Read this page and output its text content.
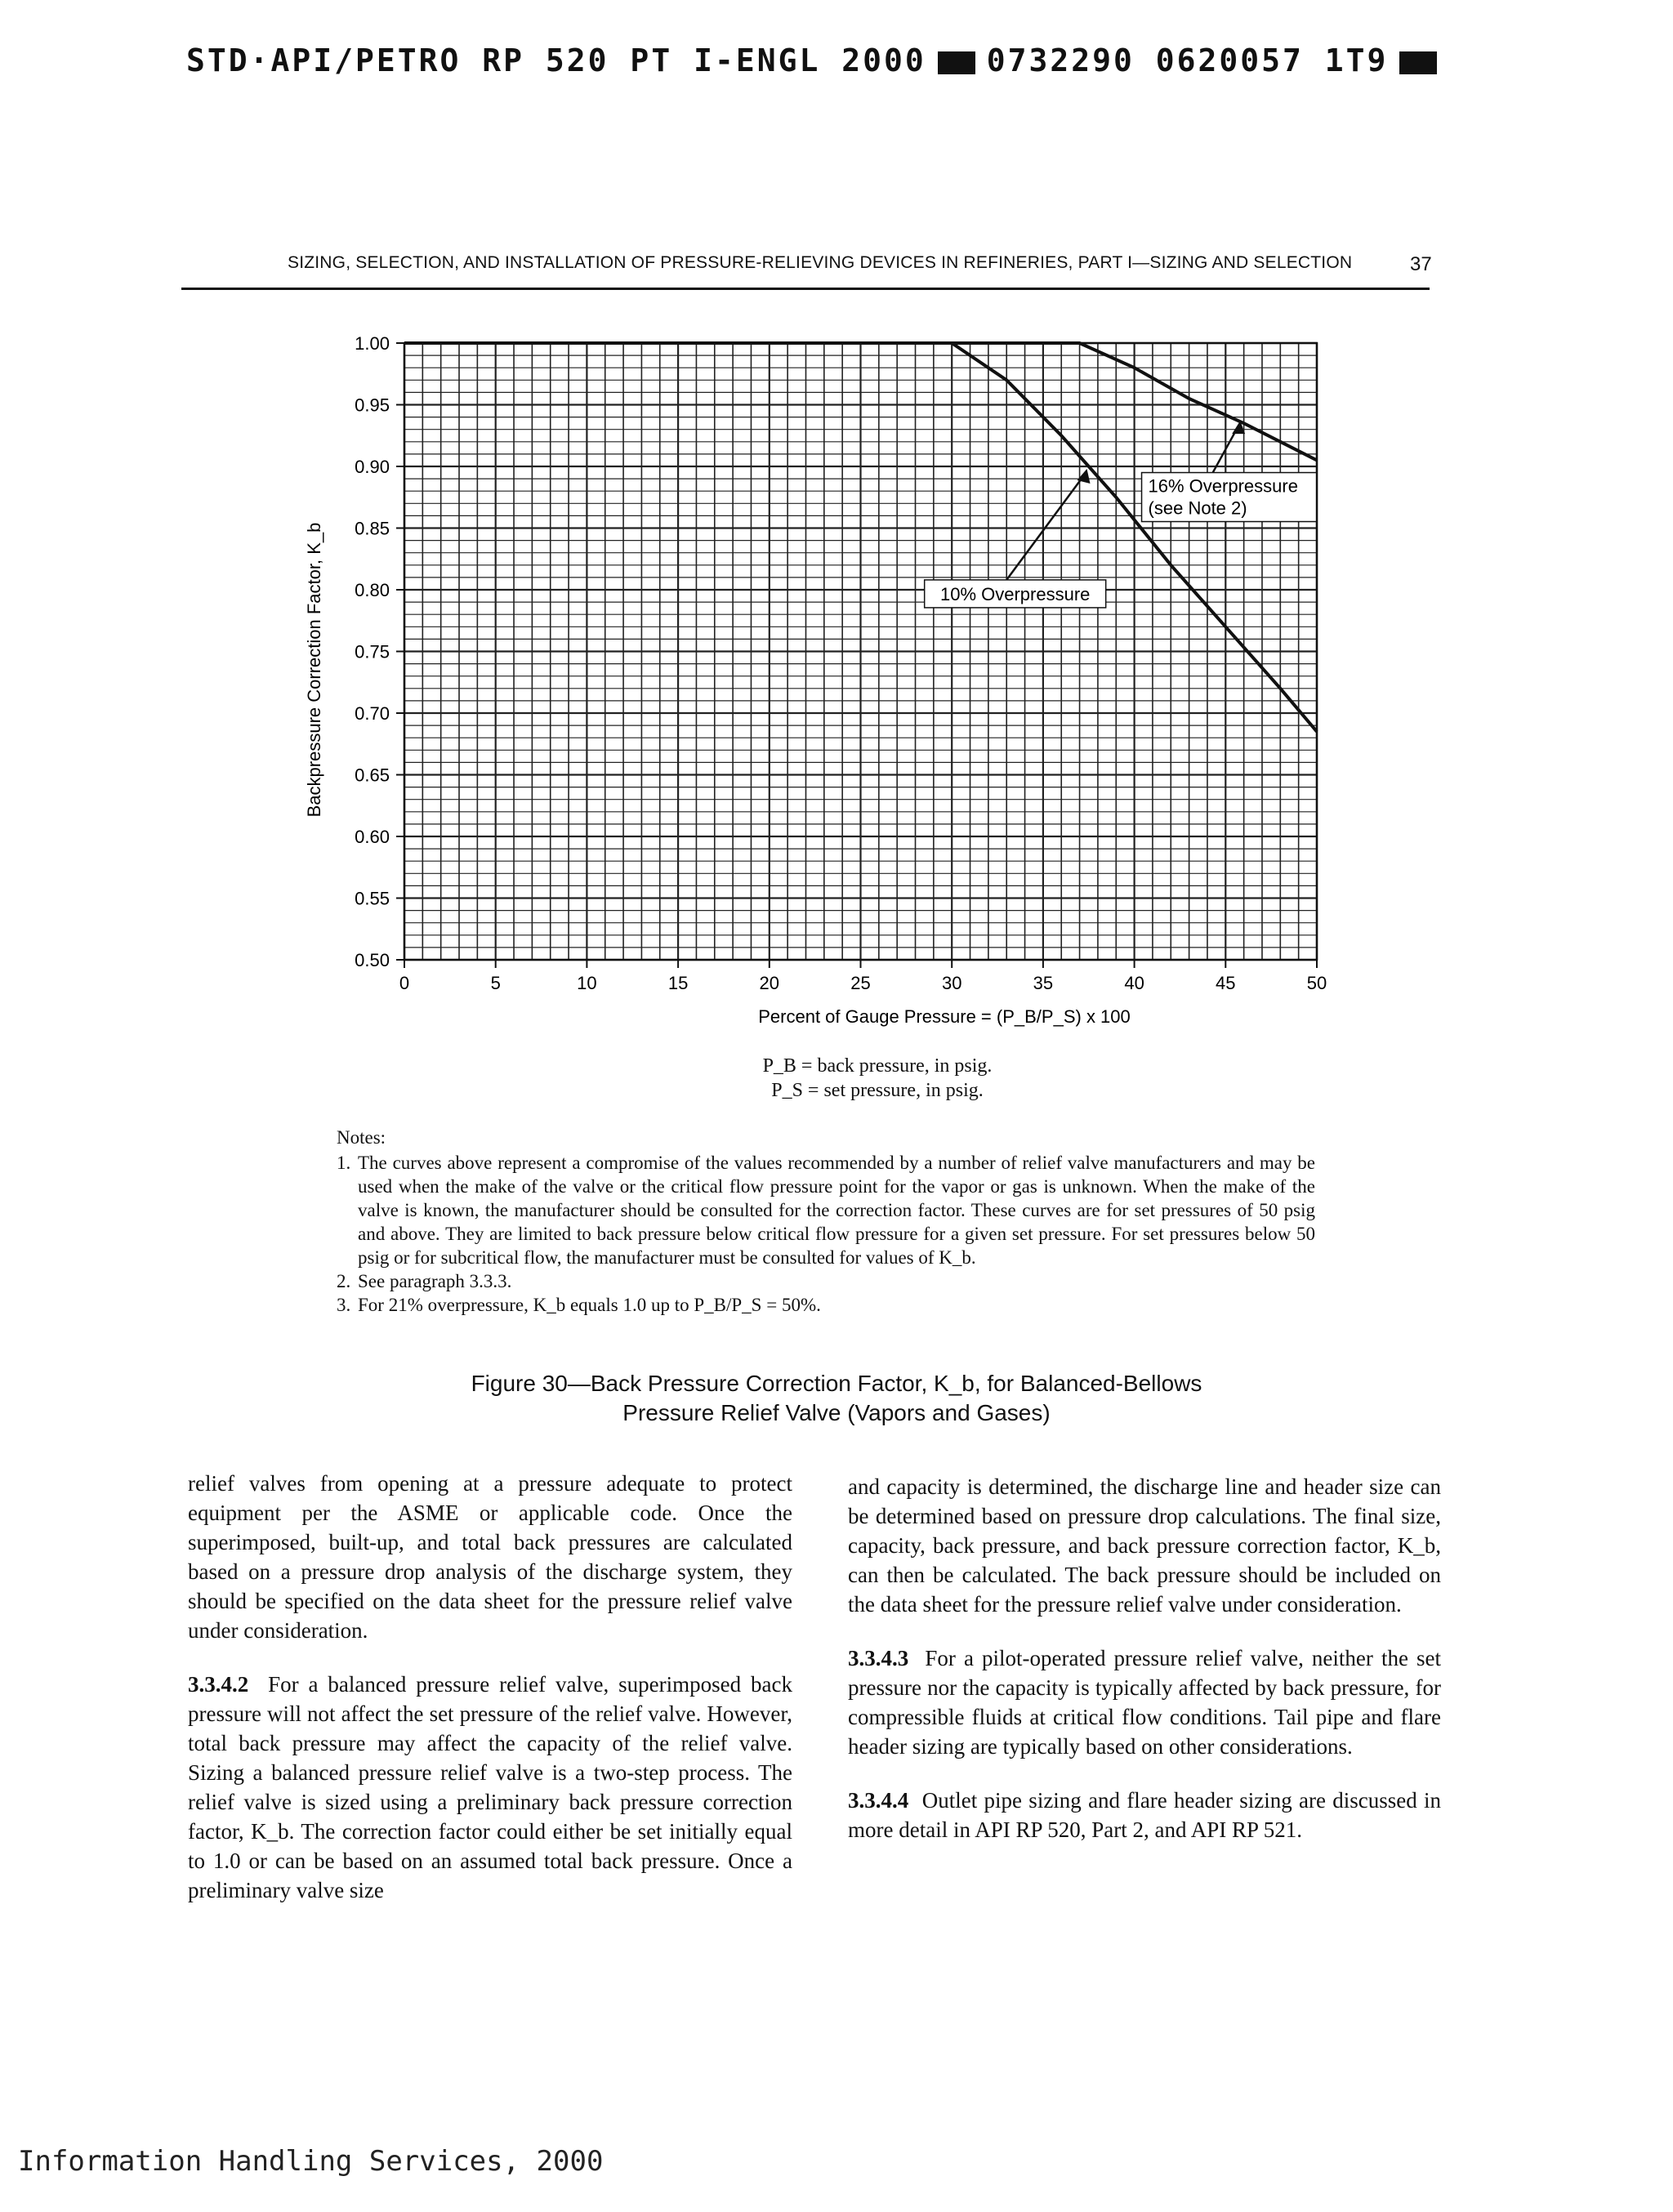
STD·API/PETRO RP 520 PT I-ENGL 2000 0732290 0620057 1T9
SIZING, SELECTION, AND INSTALLATION OF PRESSURE-RELIEVING DEVICES IN REFINERIES, PART I—SIZING AND SELECTION	37
0	5	10	15	20	25	30	35	40	45	50
0.50
0.55
0.60
0.65
0.70
0.75
0.80
0.85
0.90
0.95
1.00
10% Overpressure
16% Overpressure
(see Note 2)
Percent of Gauge Pressure = (P_B/P_S) x 100
Backpressure Correction Factor, K_b
P_B = back pressure, in psig.
P_S = set pressure, in psig.
Notes:
1. The curves above represent a compromise of the values recommended by a number of relief valve manufacturers and may be used when the make of the valve or the critical flow pressure point for the vapor or gas is unknown. When the make of the valve is known, the manufacturer should be consulted for the correction factor. These curves are for set pressures of 50 psig and above. They are limited to back pressure below critical flow pressure for a given set pressure. For set pressures below 50 psig or for subcritical flow, the manufacturer must be consulted for values of K_b.
2. See paragraph 3.3.3.
3. For 21% overpressure, K_b equals 1.0 up to P_B/P_S = 50%.
Figure 30—Back Pressure Correction Factor, K_b, for Balanced-Bellows
Pressure Relief Valve (Vapors and Gases)

relief valves from opening at a pressure adequate to protect equipment per the ASME or applicable code. Once the superimposed, built-up, and total back pressures are calculated based on a pressure drop analysis of the discharge system, they should be specified on the data sheet for the pressure relief valve under consideration.

3.3.4.2 For a balanced pressure relief valve, superimposed back pressure will not affect the set pressure of the relief valve. However, total back pressure may affect the capacity of the relief valve. Sizing a balanced pressure relief valve is a two-step process. The relief valve is sized using a preliminary back pressure correction factor, K_b. The correction factor could either be set initially equal to 1.0 or can be based on an assumed total back pressure. Once a preliminary valve size

and capacity is determined, the discharge line and header size can be determined based on pressure drop calculations. The final size, capacity, back pressure, and back pressure correction factor, K_b, can then be calculated. The back pressure should be included on the data sheet for the pressure relief valve under consideration.

3.3.4.3 For a pilot-operated pressure relief valve, neither the set pressure nor the capacity is typically affected by back pressure, for compressible fluids at critical flow conditions. Tail pipe and flare header sizing are typically based on other considerations.

3.3.4.4 Outlet pipe sizing and flare header sizing are discussed in more detail in API RP 520, Part 2, and API RP 521.

Information Handling Services, 2000
